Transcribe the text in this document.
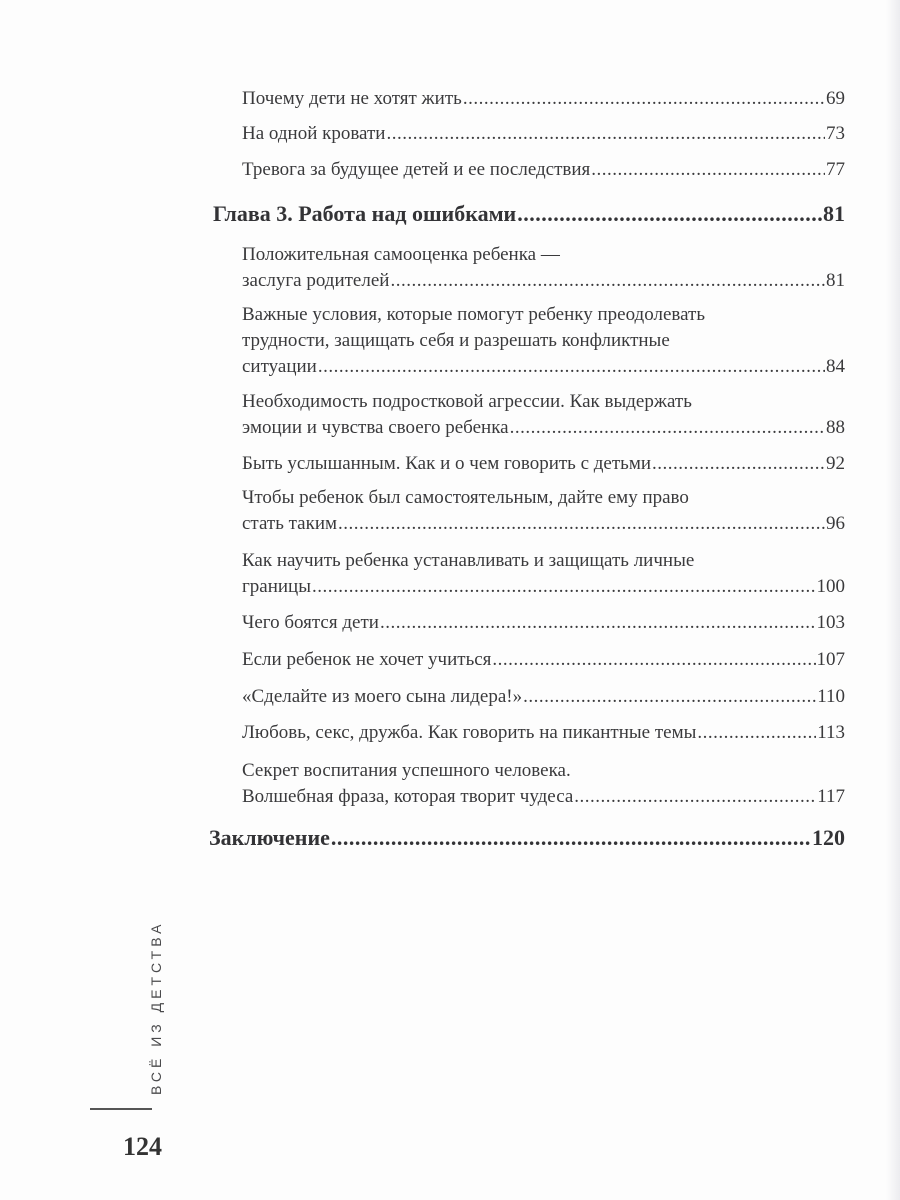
Почему дети не хотят жить .....	69
На одной кровати .....	73
Тревога за будущее детей и ее последствия .....	77
Глава 3. Работа над ошибками .....	81
Положительная самооценка ребенка —
заслуга родителей .....	81
Важные условия, которые помогут ребенку преодолевать
трудности, защищать себя и разрешать конфликтные
ситуации .....	84
Необходимость подростковой агрессии. Как выдержать
эмоции и чувства своего ребенка .....	88
Быть услышанным. Как и о чем говорить с детьми .....	92
Чтобы ребенок был самостоятельным, дайте ему право
стать таким .....	96
Как научить ребенка устанавливать и защищать личные
границы .....	100
Чего боятся дети .....	103
Если ребенок не хочет учиться .....	107
«Сделайте из моего сына лидера!» .....	110
Любовь, секс, дружба. Как говорить на пикантные темы .....	113
Секрет воспитания успешного человека.
Волшебная фраза, которая творит чудеса .....	117
Заключение .....	120
ВСЁ ИЗ ДЕТСТВА
124
